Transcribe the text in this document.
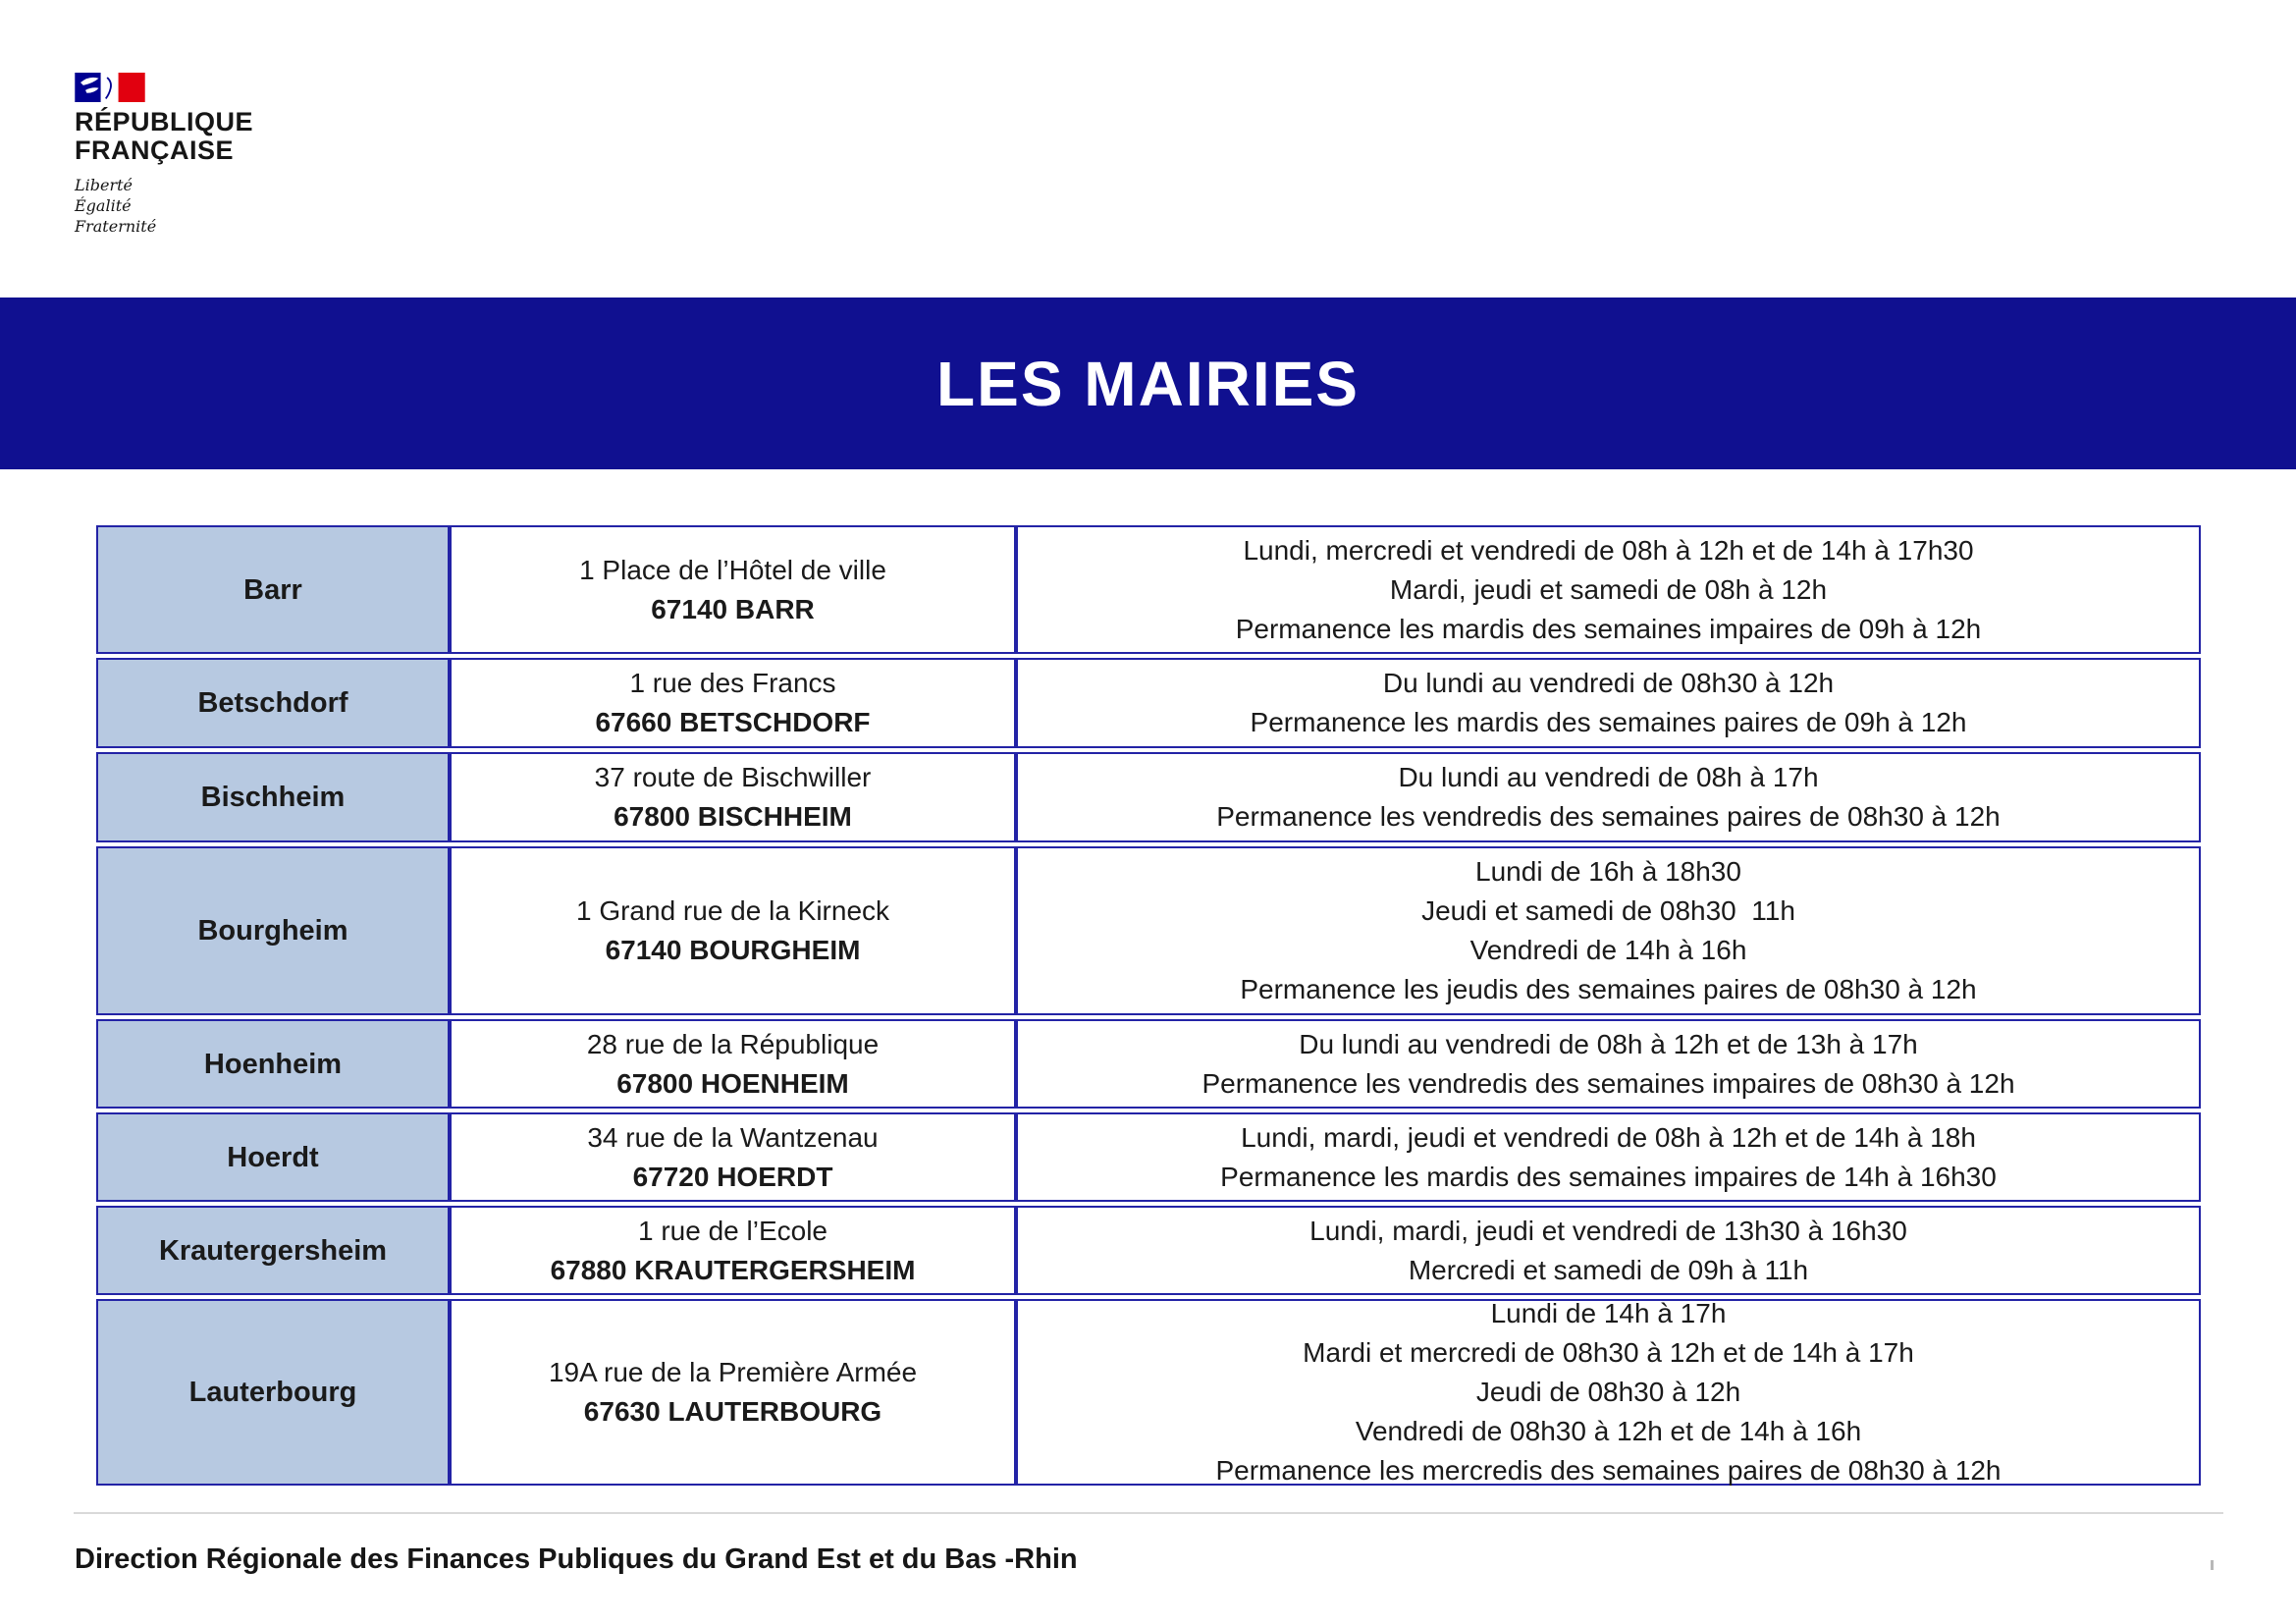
RÉPUBLIQUE
FRANÇAISE
Liberté
Égalité
Fraternité
LES MAIRIES
Barr
1 Place de l’Hôtel de ville
67140 BARR
Lundi, mercredi et vendredi de 08h à 12h et de 14h à 17h30
Mardi, jeudi et samedi de 08h à 12h
Permanence les mardis des semaines impaires de 09h à 12h
Betschdorf
1 rue des Francs
67660 BETSCHDORF
Du lundi au vendredi de 08h30 à 12h
Permanence les mardis des semaines paires de 09h à 12h
Bischheim
37 route de Bischwiller
67800 BISCHHEIM
Du lundi au vendredi de 08h à 17h
Permanence les vendredis des semaines paires de 08h30 à 12h
Bourgheim
1 Grand rue de la Kirneck
67140 BOURGHEIM
Lundi de 16h à 18h30
Jeudi et samedi de 08h30  11h
Vendredi de 14h à 16h
Permanence les jeudis des semaines paires de 08h30 à 12h
Hoenheim
28 rue de la République
67800 HOENHEIM
Du lundi au vendredi de 08h à 12h et de 13h à 17h
Permanence les vendredis des semaines impaires de 08h30 à 12h
Hoerdt
34 rue de la Wantzenau
67720 HOERDT
Lundi, mardi, jeudi et vendredi de 08h à 12h et de 14h à 18h
Permanence les mardis des semaines impaires de 14h à 16h30
Krautergersheim
1 rue de l’Ecole
67880 KRAUTERGERSHEIM
Lundi, mardi, jeudi et vendredi de 13h30 à 16h30
Mercredi et samedi de 09h à 11h
Lauterbourg
19A rue de la Première Armée
67630 LAUTERBOURG
Lundi de 14h à 17h
Mardi et mercredi de 08h30 à 12h et de 14h à 17h
Jeudi de 08h30 à 12h
Vendredi de 08h30 à 12h et de 14h à 16h
Permanence les mercredis des semaines paires de 08h30 à 12h
Direction Régionale des Finances Publiques du Grand Est et du Bas -Rhin
